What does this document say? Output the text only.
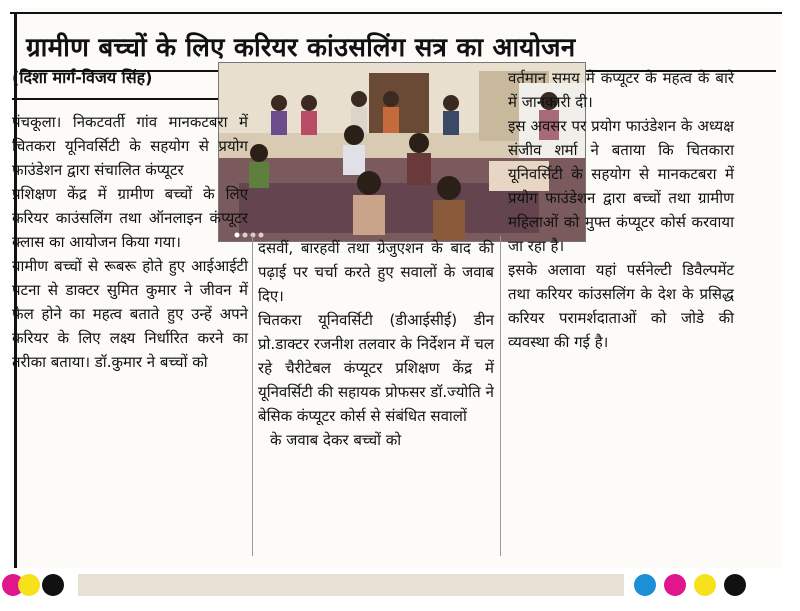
ग्रामीण बच्चों के लिए करियर कांउसलिंग सत्र का आयोजन
(दिशा मार्ग-विजय सिंह)

पंचकूला। निकटवर्ती गांव मानकटबरा में चितकरा यूनिवर्सिटी के सहयोग से प्रयोग फाउंडेशन द्वारा संचालित कंप्यूटर

प्रशिक्षण केंद्र में ग्रामीण बच्चों के लिए करियर काउंसलिंग तथा ऑनलाइन कंप्यूटर क्लास का आयोजन किया गया।

ग्रामीण बच्चों से रूबरू होते हुए आईआईटी पटना से डाक्टर सुमित कुमार ने जीवन में फेल होने का महत्व बताते हुए उन्हें अपने करियर के लिए लक्ष्य निर्धारित करने का तरीका बताया। डॉ.कुमार ने बच्चों को

दसवीं, बारहवीं तथा ग्रेजुएशन के बाद की पढ़ाई पर चर्चा करते हुए सवालों के जवाब दिए।

चितकरा यूनिवर्सिटी (डीआईसीई) डीन प्रो.डाक्टर रजनीश तलवार के निर्देशन में चल रहे चैरीटेबल कंप्यूटर प्रशिक्षण केंद्र में यूनिवर्सिटी की सहायक प्रोफसर डॉ.ज्योति ने बेसिक कंप्यूटर कोर्स से संबंधित सवालों

के जवाब देकर बच्चों को

वर्तमान समय में कंप्यूटर के महत्व के बारे में जानकारी दी।

इस अवसर पर प्रयोग फाउंडेशन के अध्यक्ष संजीव शर्मा ने बताया कि चितकारा यूनिवर्सिटी के सहयोग से मानकटबरा में प्रयोग फाउंडेशन द्वारा बच्चों तथा ग्रामीण महिलाओं को मुफ्त कंप्यूटर कोर्स करवाया जा रहा है।

इसके अलावा यहां पर्सनेल्टी डिवैल्पमेंट तथा करियर कांउसलिंग के देश के प्रसिद्ध करियर परामर्शदाताओं को जोडे की व्यवस्था की गई है।
